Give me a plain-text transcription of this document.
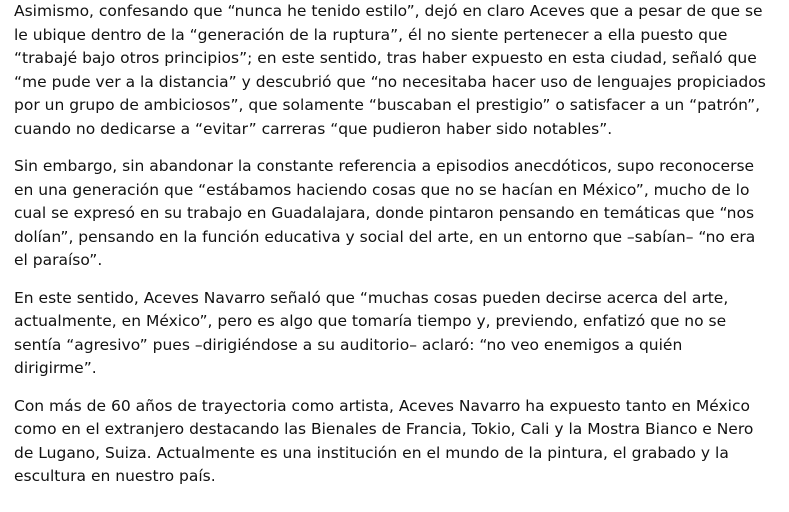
Asimismo, confesando que “nunca he tenido estilo”, dejó en claro Aceves que a pesar de que se
le ubique dentro de la “generación de la ruptura”, él no siente pertenecer a ella puesto que
“trabajé bajo otros principios”; en este sentido, tras haber expuesto en esta ciudad, señaló que
“me pude ver a la distancia” y descubrió que “no necesitaba hacer uso de lenguajes propiciados
por un grupo de ambiciosos”, que solamente “buscaban el prestigio” o satisfacer a un “patrón”,
cuando no dedicarse a “evitar” carreras “que pudieron haber sido notables”.

Sin embargo, sin abandonar la constante referencia a episodios anecdóticos, supo reconocerse
en una generación que “estábamos haciendo cosas que no se hacían en México”, mucho de lo
cual se expresó en su trabajo en Guadalajara, donde pintaron pensando en temáticas que “nos
dolían”, pensando en la función educativa y social del arte, en un entorno que –sabían– “no era
el paraíso”.

En este sentido, Aceves Navarro señaló que “muchas cosas pueden decirse acerca del arte,
actualmente, en México”, pero es algo que tomaría tiempo y, previendo, enfatizó que no se
sentía “agresivo” pues –dirigiéndose a su auditorio– aclaró: “no veo enemigos a quién
dirigirme”.

Con más de 60 años de trayectoria como artista, Aceves Navarro ha expuesto tanto en México
como en el extranjero destacando las Bienales de Francia, Tokio, Cali y la Mostra Bianco e Nero
de Lugano, Suiza. Actualmente es una institución en el mundo de la pintura, el grabado y la
escultura en nuestro país.
